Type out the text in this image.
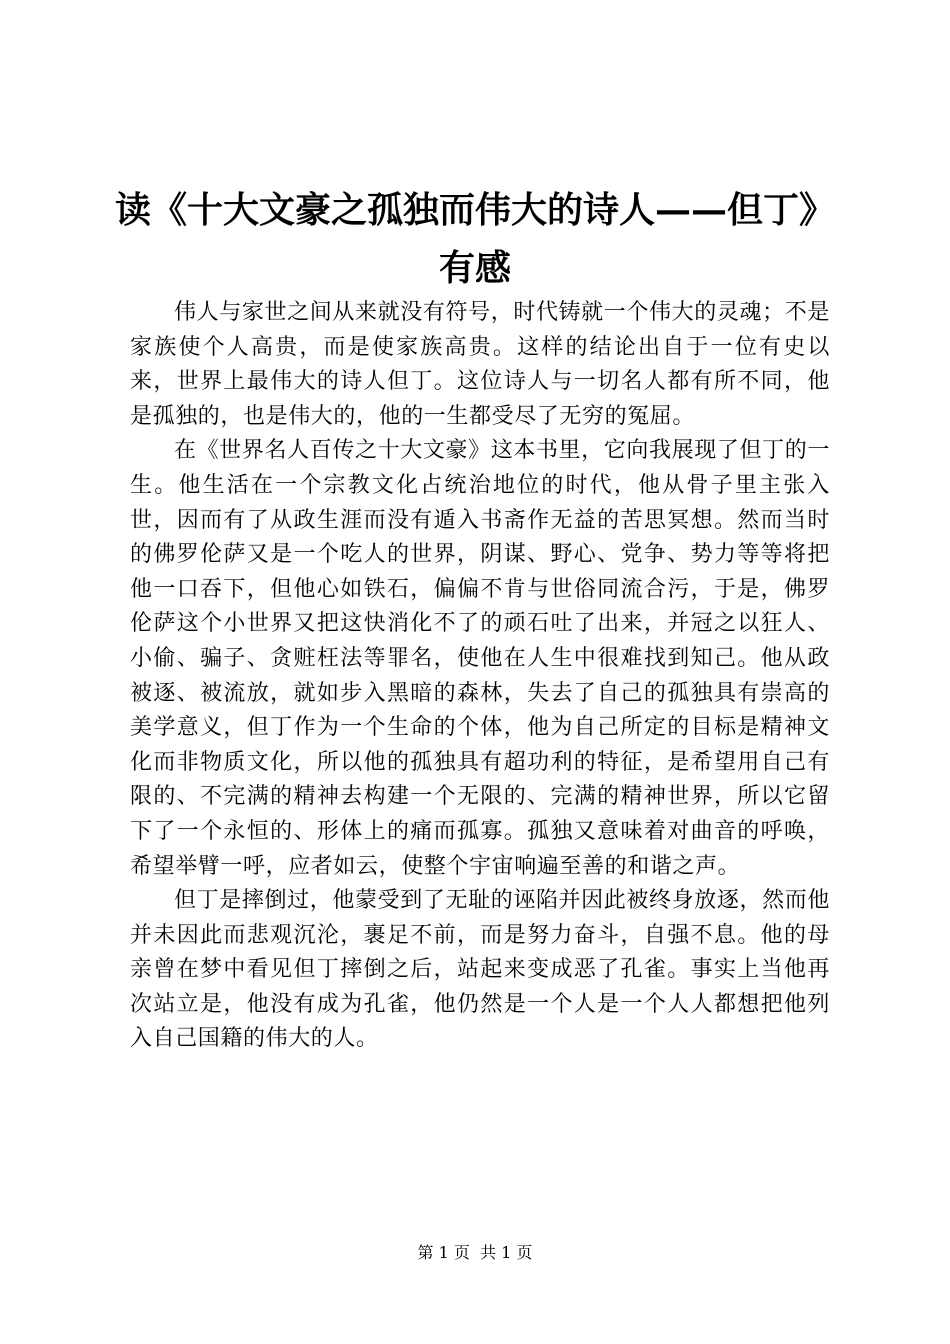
读《十大文豪之孤独而伟大的诗人——但丁》
有感

伟人与家世之间从来就没有符号，时代铸就一个伟大的灵魂；不是家族使个人高贵，而是使家族高贵。这样的结论出自于一位有史以来，世界上最伟大的诗人但丁。这位诗人与一切名人都有所不同，他是孤独的，也是伟大的，他的一生都受尽了无穷的冤屈。

在《世界名人百传之十大文豪》这本书里，它向我展现了但丁的一生。他生活在一个宗教文化占统治地位的时代，他从骨子里主张入世，因而有了从政生涯而没有遁入书斋作无益的苦思冥想。然而当时的佛罗伦萨又是一个吃人的世界，阴谋、野心、党争、势力等等将把他一口吞下，但他心如铁石，偏偏不肯与世俗同流合污，于是，佛罗伦萨这个小世界又把这快消化不了的顽石吐了出来，并冠之以狂人、小偷、骗子、贪赃枉法等罪名，使他在人生中很难找到知己。他从政被逐、被流放，就如步入黑暗的森林，失去了自己的孤独具有崇高的美学意义，但丁作为一个生命的个体，他为自己所定的目标是精神文化而非物质文化，所以他的孤独具有超功利的特征，是希望用自己有限的、不完满的精神去构建一个无限的、完满的精神世界，所以它留下了一个永恒的、形体上的痛而孤寡。孤独又意味着对曲音的呼唤，希望举臂一呼，应者如云，使整个宇宙响遍至善的和谐之声。

但丁是摔倒过，他蒙受到了无耻的诬陷并因此被终身放逐，然而他并未因此而悲观沉沦，裹足不前，而是努力奋斗，自强不息。他的母亲曾在梦中看见但丁摔倒之后，站起来变成恶了孔雀。事实上当他再次站立是，他没有成为孔雀，他仍然是一个人是一个人人都想把他列入自己国籍的伟大的人。

第 1 页  共 1 页
